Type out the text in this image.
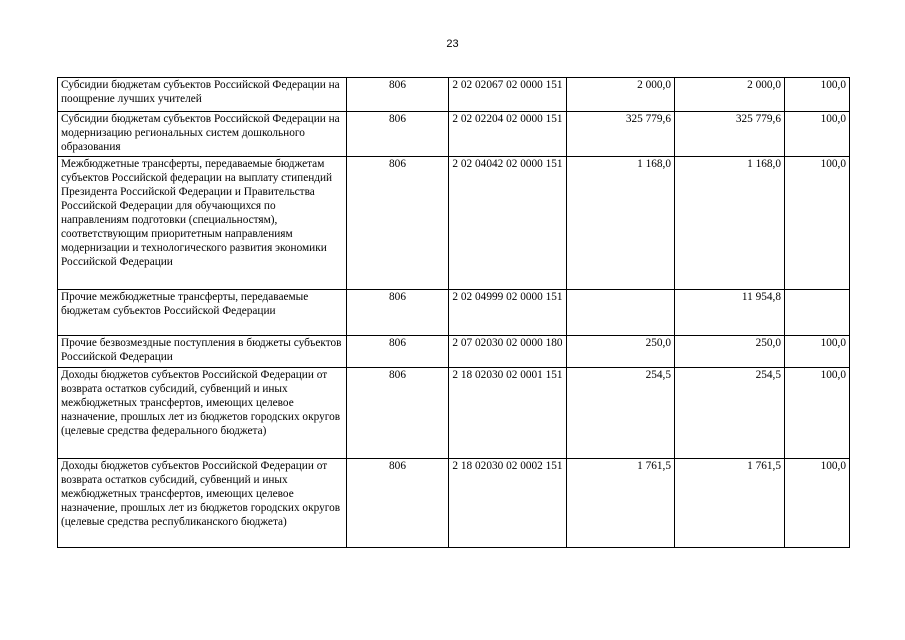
23
Субсидии бюджетам субъектов Российской Федерации на поощрение лучших учителей	806	2 02 02067 02 0000 151	2 000,0	2 000,0	100,0
Субсидии бюджетам субъектов Российской Федерации на модернизацию региональных систем дошкольного образования	806	2 02 02204 02 0000 151	325 779,6	325 779,6	100,0
Межбюджетные трансферты, передаваемые бюджетам субъектов Российской федерации на выплату стипендий Президента Российской Федерации и Правительства Российской Федерации для обучающихся по направлениям подготовки (специальностям), соответствующим приоритетным направлениям модернизации и технологического развития экономики Российской Федерации	806	2 02 04042 02 0000 151	1 168,0	1 168,0	100,0
Прочие межбюджетные трансферты, передаваемые бюджетам субъектов Российской Федерации	806	2 02 04999 02 0000 151		11 954,8	
Прочие безвозмездные поступления в бюджеты субъектов Российской Федерации	806	2 07 02030 02 0000 180	250,0	250,0	100,0
Доходы бюджетов субъектов Российской Федерации от возврата остатков субсидий, субвенций и иных межбюджетных трансфертов, имеющих целевое назначение, прошлых лет из бюджетов городских округов (целевые средства федерального бюджета)	806	2 18 02030 02 0001 151	254,5	254,5	100,0
Доходы бюджетов субъектов Российской Федерации от возврата остатков субсидий, субвенций и иных межбюджетных трансфертов, имеющих целевое назначение, прошлых лет из бюджетов городских округов (целевые средства республиканского бюджета)	806	2 18 02030 02 0002 151	1 761,5	1 761,5	100,0
